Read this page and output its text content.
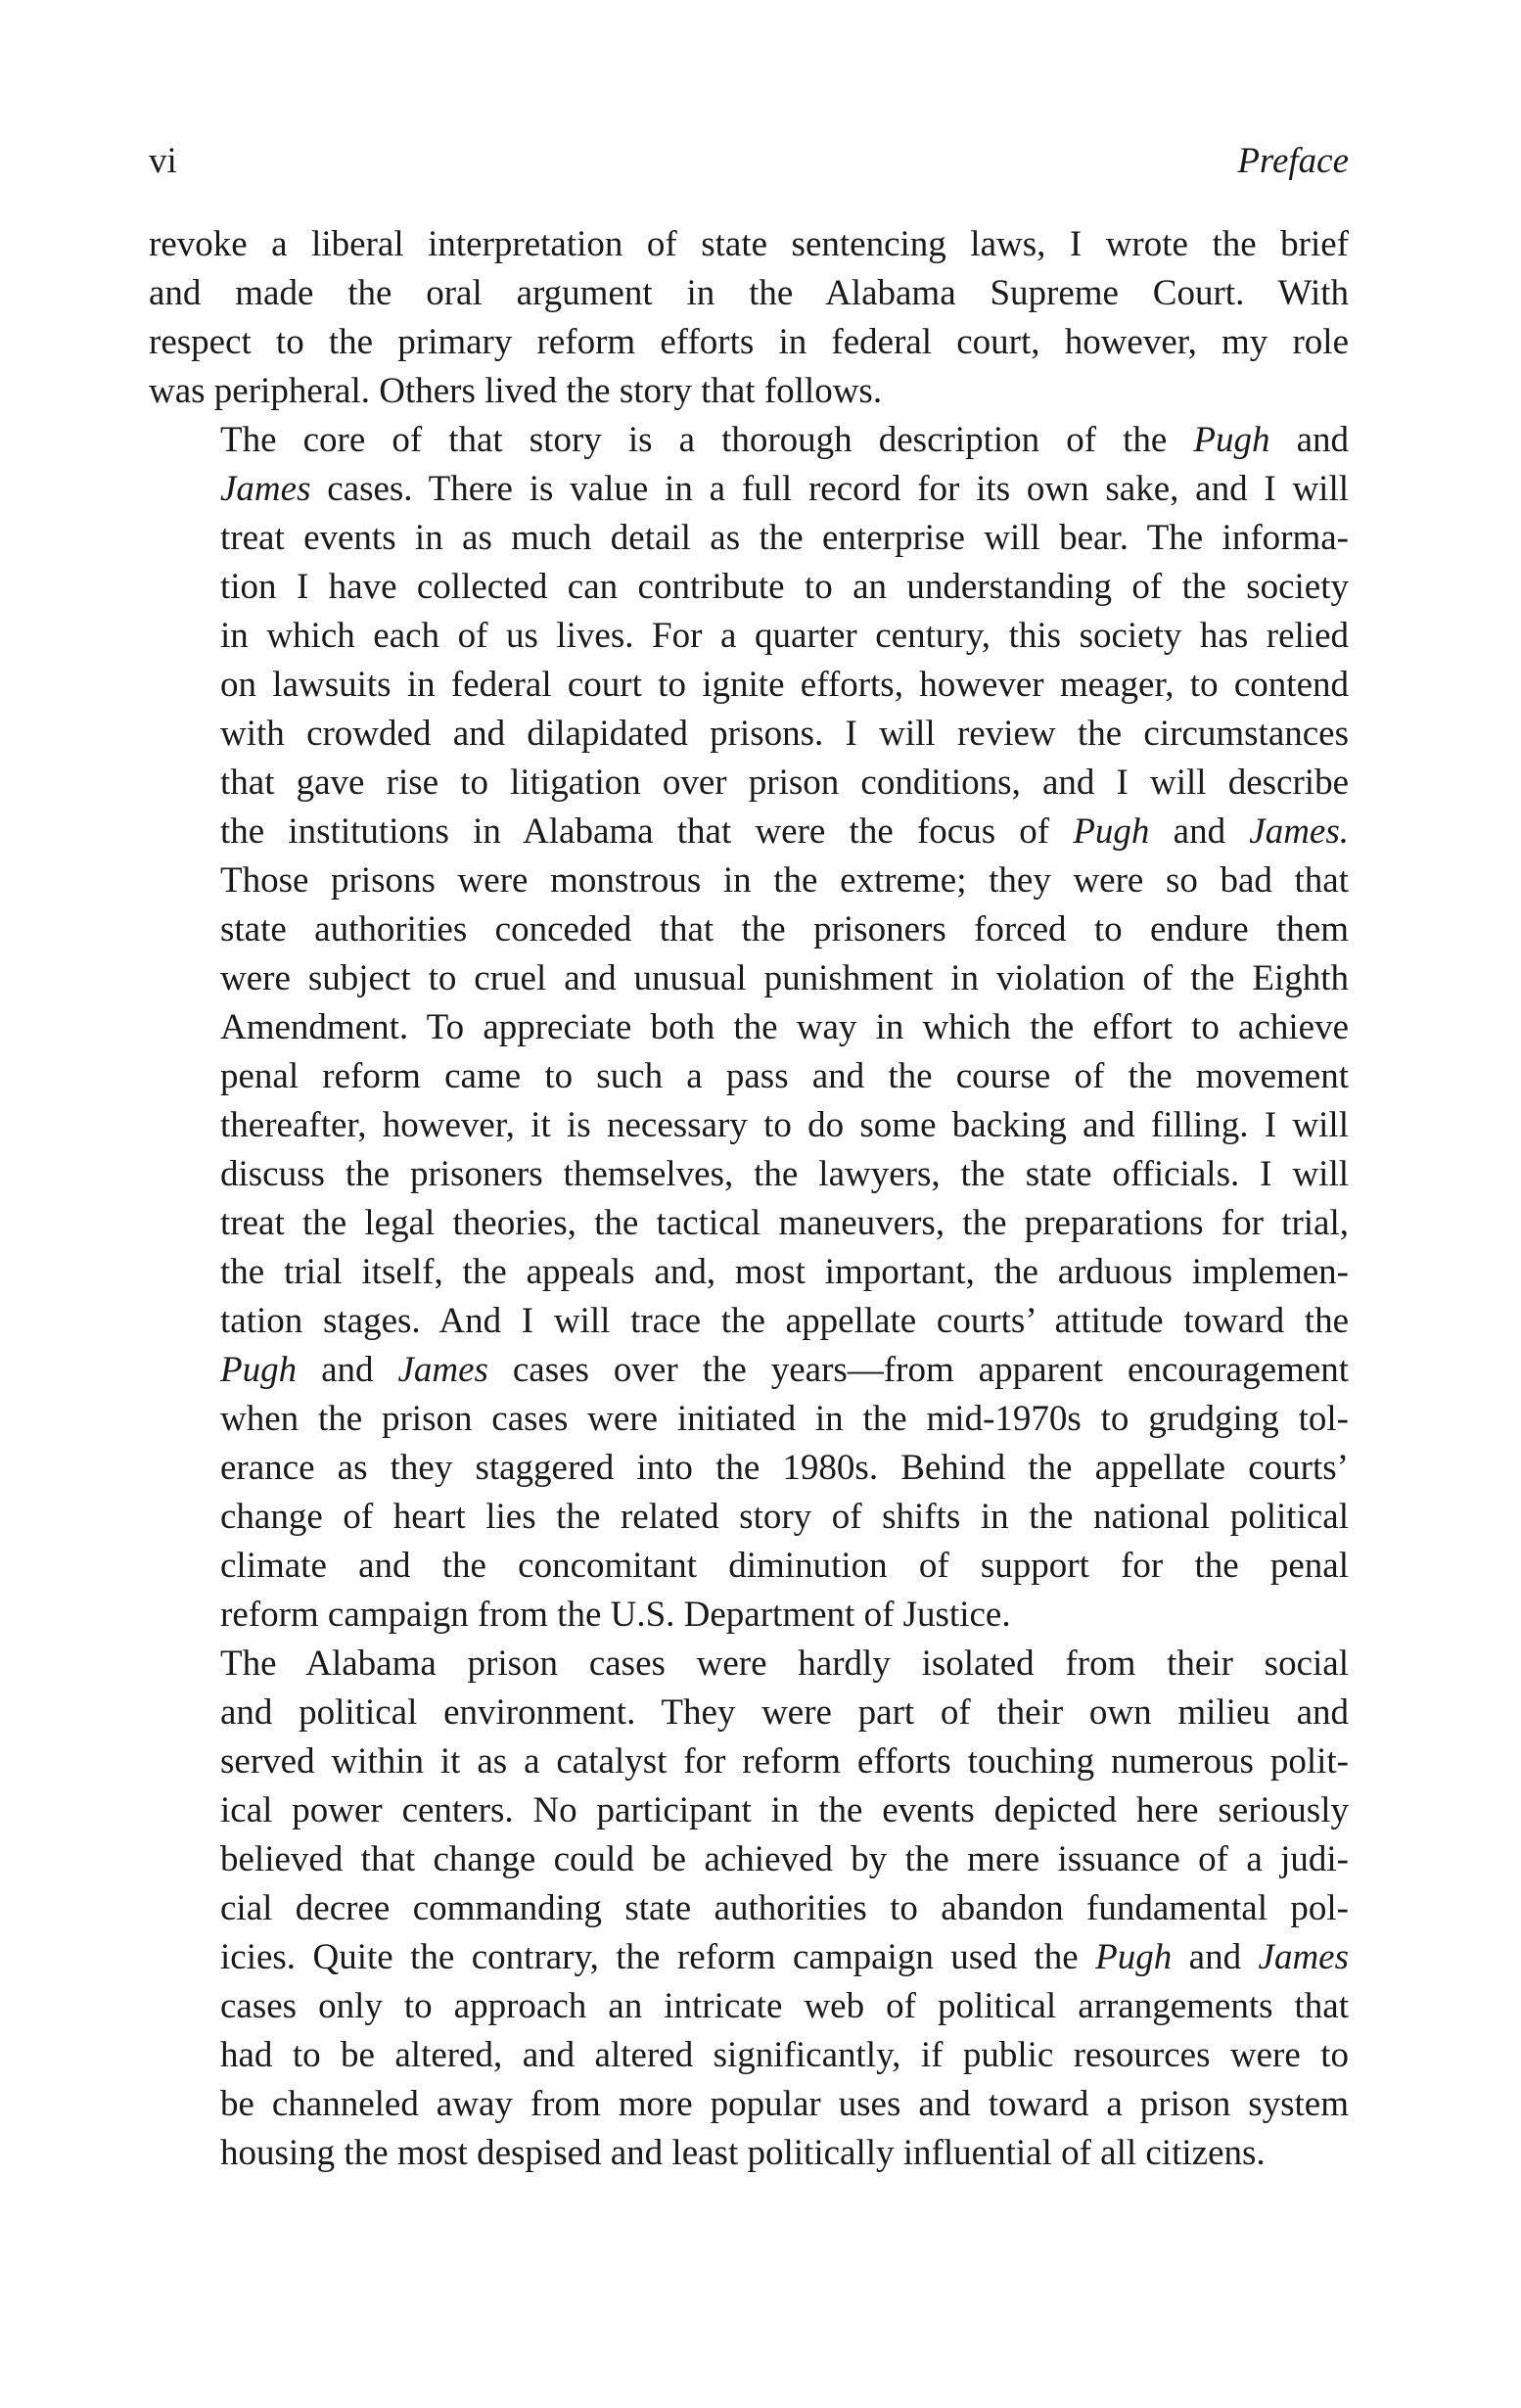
vi	Preface

revoke a liberal interpretation of state sentencing laws, I wrote the brief
and made the oral argument in the Alabama Supreme Court. With
respect to the primary reform efforts in federal court, however, my role
was peripheral. Others lived the story that follows.

The core of that story is a thorough description of the Pugh and
James cases. There is value in a full record for its own sake, and I will
treat events in as much detail as the enterprise will bear. The informa-
tion I have collected can contribute to an understanding of the society
in which each of us lives. For a quarter century, this society has relied
on lawsuits in federal court to ignite efforts, however meager, to contend
with crowded and dilapidated prisons. I will review the circumstances
that gave rise to litigation over prison conditions, and I will describe
the institutions in Alabama that were the focus of Pugh and James.
Those prisons were monstrous in the extreme; they were so bad that
state authorities conceded that the prisoners forced to endure them
were subject to cruel and unusual punishment in violation of the Eighth
Amendment. To appreciate both the way in which the effort to achieve
penal reform came to such a pass and the course of the movement
thereafter, however, it is necessary to do some backing and filling. I will
discuss the prisoners themselves, the lawyers, the state officials. I will
treat the legal theories, the tactical maneuvers, the preparations for trial,
the trial itself, the appeals and, most important, the arduous implemen-
tation stages. And I will trace the appellate courts’ attitude toward the
Pugh and James cases over the years—from apparent encouragement
when the prison cases were initiated in the mid-1970s to grudging tol-
erance as they staggered into the 1980s. Behind the appellate courts’
change of heart lies the related story of shifts in the national political
climate and the concomitant diminution of support for the penal
reform campaign from the U.S. Department of Justice.

The Alabama prison cases were hardly isolated from their social
and political environment. They were part of their own milieu and
served within it as a catalyst for reform efforts touching numerous polit-
ical power centers. No participant in the events depicted here seriously
believed that change could be achieved by the mere issuance of a judi-
cial decree commanding state authorities to abandon fundamental pol-
icies. Quite the contrary, the reform campaign used the Pugh and James
cases only to approach an intricate web of political arrangements that
had to be altered, and altered significantly, if public resources were to
be channeled away from more popular uses and toward a prison system
housing the most despised and least politically influential of all citizens.
